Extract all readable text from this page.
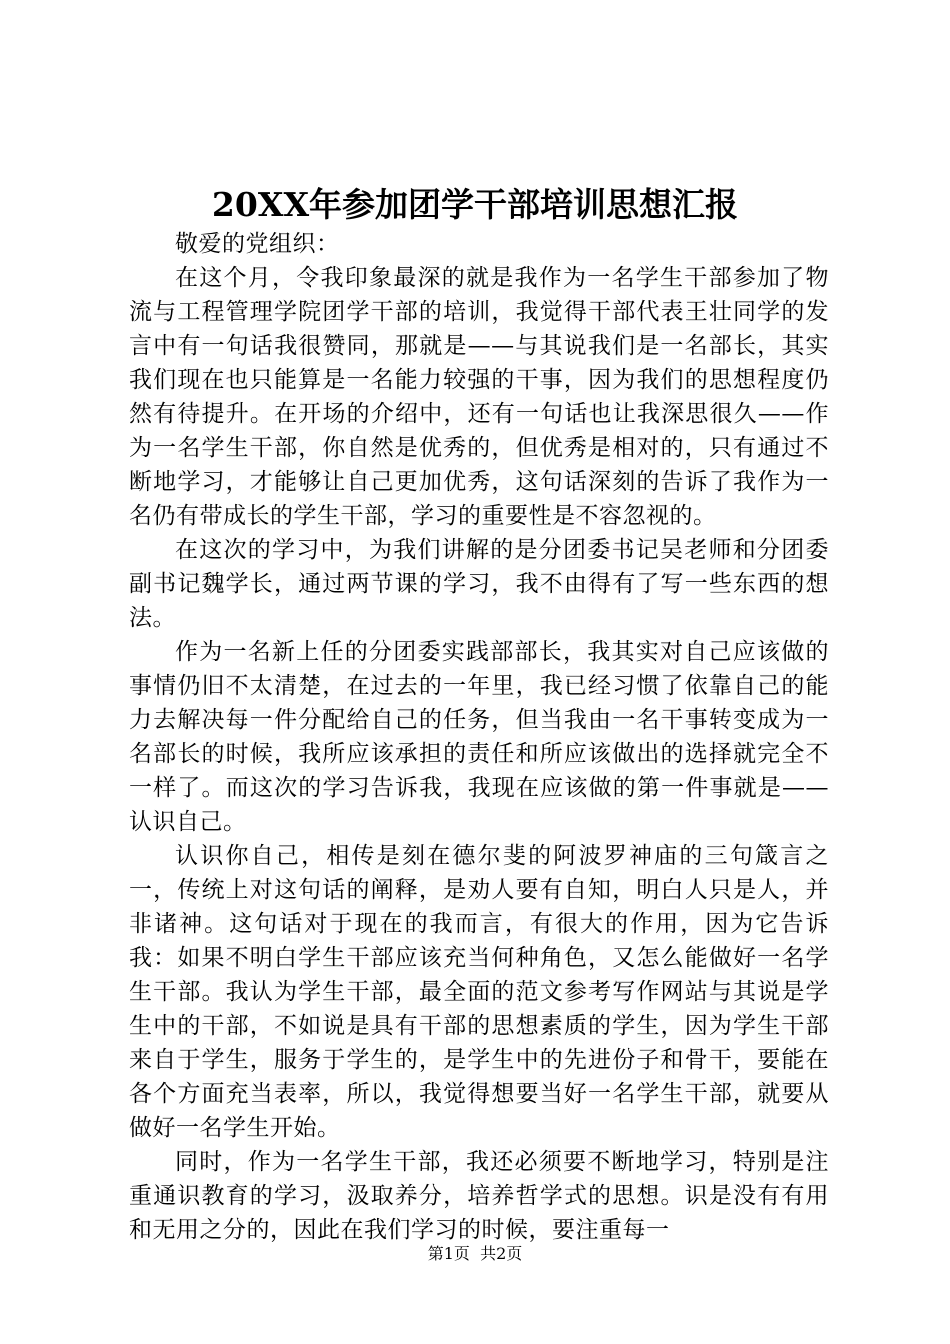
20XX年参加团学干部培训思想汇报

敬爱的党组织：

在这个月，令我印象最深的就是我作为一名学生干部参加了物流与工程管理学院团学干部的培训，我觉得干部代表王壮同学的发言中有一句话我很赞同，那就是——与其说我们是一名部长，其实我们现在也只能算是一名能力较强的干事，因为我们的思想程度仍然有待提升。在开场的介绍中，还有一句话也让我深思很久——作为一名学生干部，你自然是优秀的，但优秀是相对的，只有通过不断地学习，才能够让自己更加优秀，这句话深刻的告诉了我作为一名仍有带成长的学生干部，学习的重要性是不容忽视的。

在这次的学习中，为我们讲解的是分团委书记吴老师和分团委副书记魏学长，通过两节课的学习，我不由得有了写一些东西的想法。

作为一名新上任的分团委实践部部长，我其实对自己应该做的事情仍旧不太清楚，在过去的一年里，我已经习惯了依靠自己的能力去解决每一件分配给自己的任务，但当我由一名干事转变成为一名部长的时候，我所应该承担的责任和所应该做出的选择就完全不一样了。而这次的学习告诉我，我现在应该做的第一件事就是——认识自己。

认识你自己，相传是刻在德尔斐的阿波罗神庙的三句箴言之一，传统上对这句话的阐释，是劝人要有自知，明白人只是人，并非诸神。这句话对于现在的我而言，有很大的作用，因为它告诉我：如果不明白学生干部应该充当何种角色，又怎么能做好一名学生干部。我认为学生干部，最全面的范文参考写作网站与其说是学生中的干部，不如说是具有干部的思想素质的学生，因为学生干部来自于学生，服务于学生的，是学生中的先进份子和骨干，要能在各个方面充当表率，所以，我觉得想要当好一名学生干部，就要从做好一名学生开始。

同时，作为一名学生干部，我还必须要不断地学习，特别是注重通识教育的学习，汲取养分，培养哲学式的思想。识是没有有用和无用之分的，因此在我们学习的时候，要注重每一

第1页 共2页
